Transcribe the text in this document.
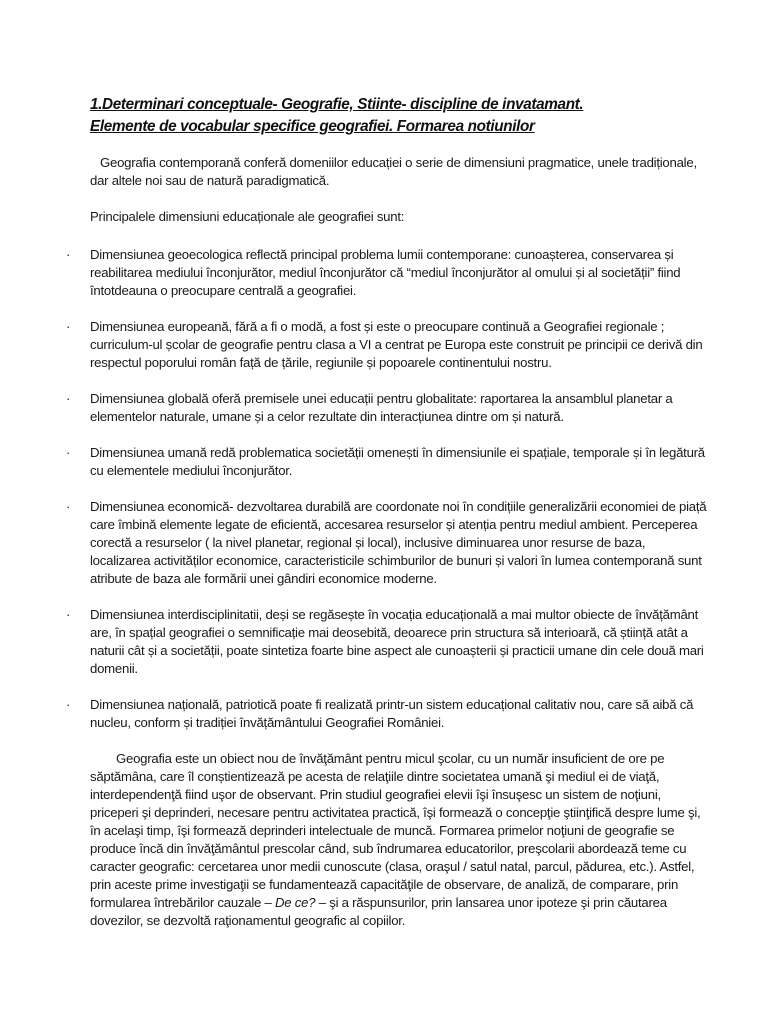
1.Determinari conceptuale- Geografie, Stiinte- discipline de invatamant.

Elemente de vocabular specifice geografiei. Formarea notiunilor

Geografia contemporană conferă domeniilor educației o serie de dimensiuni pragmatice, unele tradiționale, dar altele noi sau de natură paradigmatică.

Principalele dimensiuni educaționale ale geografiei sunt:

· Dimensiunea geoecologica reflectă principal problema lumii contempor​ane: cunoașterea, conservarea și reabilitarea mediului înconjurător, mediul înconjurător că “mediul înconjurător al omului și al societății” fiind întotdeauna o preocupare centrală a geografiei.
· Dimensiunea europeană, fără a fi o modă, a fost și este o preocupare continuă a Geografiei regionale ; curriculum-ul școlar de geografie pentru clasa a VI a centrat pe Europa este construit pe principii ce derivă din respectul poporului român față de țările, regiunile și popoarele continentului nostru.
· Dimensiunea globală oferă premisele unei educații pentru globalitate: raportarea la ansamblul planetar a elementelor naturale, umane și a celor rezultate din interacțiunea dintre om și natură.
· Dimensiunea umană redă problematica societății omenești în dimensiunile ei spațiale, temporale și în legătură cu elementele mediului înconjurător.
· Dimensiunea economică- dezvoltarea durabilă are coordonate noi în condițiile generalizării economiei de piață care îmbină elemente legate de eficientă, accesarea resurselor și atenția pentru mediul ambient. Perceperea corectă a resurselor ( la nivel planetar, regional și local), inclusive diminuarea unor resurse de baza, localizarea activităților economice, caracteristicile schimburilor de bunuri și valori în lumea contemporană sunt atribute de baza ale formării unei gândiri economice moderne.
· Dimensiunea interdisciplinitatii, deși se regăsește în vocația educațională a mai multor obiecte de învățământ are, în spațial geografiei o semnificație mai deosebită, deoarece prin structura să interioară, că știință atât a naturii cât și a societății, poate sintetiza foarte bine aspect ale cunoașterii și practicii umane din cele două mari domenii.
· Dimensiunea națională, patriotică poate fi realizată printr-un sistem educațional calitativ nou, care să aibă că nucleu, conform și tradiției învățământului Geografiei României.

Geografia este un obiect nou de învăţământ pentru micul şcolar, cu un număr insuficient de ore pe săptămâna, care îl conștientizează pe acesta de relaţiile dintre societatea umană şi mediul ei de viaţă, interdependenţă fiind uşor de observant. Prin studiul geografiei elevii îşi însuşesc un sistem de noţiuni, priceperi şi deprinderi, necesare pentru activitatea practică, îşi formează o concepţie ştiinţifică despre lume şi, în acelaşi timp, îşi formează deprinderi intelectuale de muncă. Formarea primelor noţiuni de geografie se produce încă din învăţământul prescolar când, sub îndrumarea educatorilor, preşcolarii abordează teme cu caracter geografic: cercetarea unor medii cunoscute (clasa, oraşul / satul natal, parcul, pădurea, etc.). Astfel, prin aceste prime investigaţii se fundamentează capacităţile de observare, de analiză, de comparare, prin formularea întrebărilor cauzale – De ce? – şi a răspunsurilor, prin lansarea unor ipoteze şi prin căutarea dovezilor, se dezvoltă raţionamentul geografic al copiilor.
